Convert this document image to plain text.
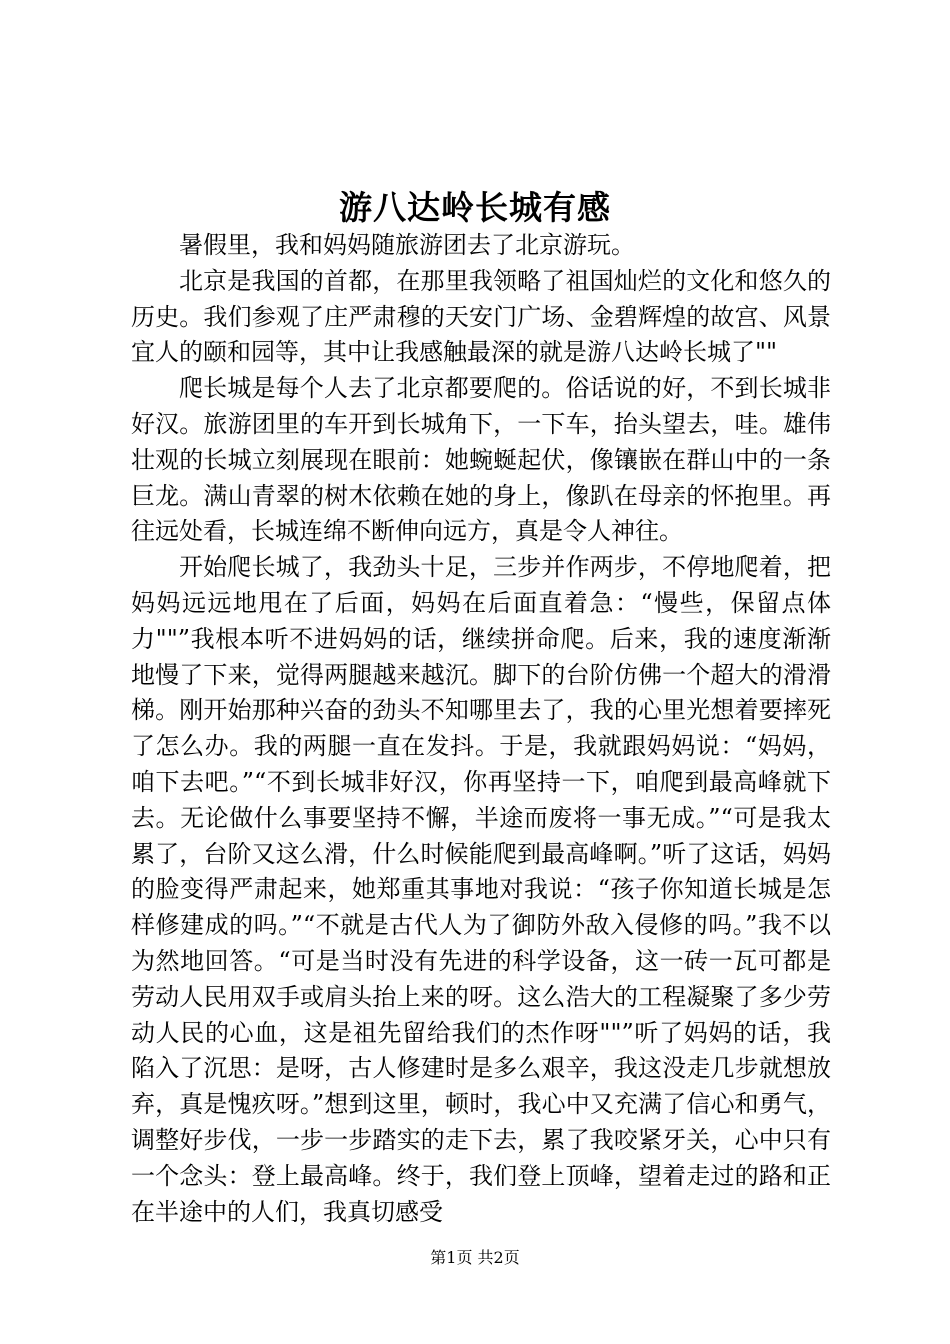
游八达岭长城有感

暑假里，我和妈妈随旅游团去了北京游玩。

北京是我国的首都，在那里我领略了祖国灿烂的文化和悠久的历史。我们参观了庄严肃穆的天安门广场、金碧辉煌的故宫、风景宜人的颐和园等，其中让我感触最深的就是游八达岭长城了""

爬长城是每个人去了北京都要爬的。俗话说的好，不到长城非好汉。旅游团里的车开到长城角下，一下车，抬头望去，哇。雄伟壮观的长城立刻展现在眼前：她蜿蜒起伏，像镶嵌在群山中的一条巨龙。满山青翠的树木依赖在她的身上，像趴在母亲的怀抱里。再往远处看，长城连绵不断伸向远方，真是令人神往。

开始爬长城了，我劲头十足，三步并作两步，不停地爬着，把妈妈远远地甩在了后面，妈妈在后面直着急：“慢些，保留点体力""”我根本听不进妈妈的话，继续拼命爬。后来，我的速度渐渐地慢了下来，觉得两腿越来越沉。脚下的台阶仿佛一个超大的滑滑梯。刚开始那种兴奋的劲头不知哪里去了，我的心里光想着要摔死了怎么办。我的两腿一直在发抖。于是，我就跟妈妈说：“妈妈，咱下去吧。”“不到长城非好汉，你再坚持一下，咱爬到最高峰就下去。无论做什么事要坚持不懈，半途而废将一事无成。”“可是我太累了，台阶又这么滑，什么时候能爬到最高峰啊。”听了这话，妈妈的脸变得严肃起来，她郑重其事地对我说：“孩子你知道长城是怎样修建成的吗。”“不就是古代人为了御防外敌入侵修的吗。”我不以为然地回答。“可是当时没有先进的科学设备，这一砖一瓦可都是劳动人民用双手或肩头抬上来的呀。这么浩大的工程凝聚了多少劳动人民的心血，这是祖先留给我们的杰作呀""”听了妈妈的话，我陷入了沉思：是呀，古人修建时是多么艰辛，我这没走几步就想放弃，真是愧疚呀。”想到这里，顿时，我心中又充满了信心和勇气，调整好步伐，一步一步踏实的走下去，累了我咬紧牙关，心中只有一个念头：登上最高峰。终于，我们登上顶峰，望着走过的路和正在半途中的人们，我真切感受

第1页 共2页
